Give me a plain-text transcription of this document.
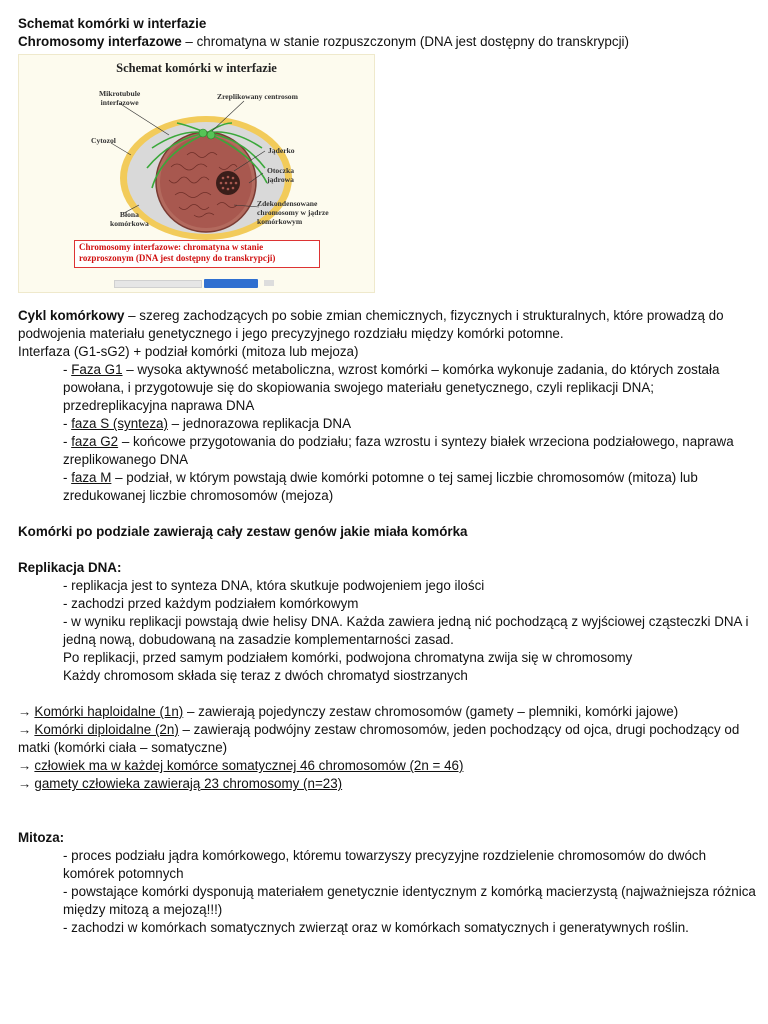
Schemat komórki w interfazie

Chromosomy interfazowe – chromatyna w stanie rozpuszczonym (DNA jest dostępny do transkrypcji)

Schemat komórki w interfazie
Mikrotubule
interfazowe
Zreplikowany centrosom
Cytozol
Jąderko
Otoczka
jądrowa
Zdekondensowane
chromosomy w jądrze
komórkowym
Błona
komórkowa
Chromosomy interfazowe: chromatyna w stanie rozproszonym (DNA jest dostępny do transkrypcji)

Cykl komórkowy – szereg zachodzących po sobie zmian chemicznych, fizycznych i strukturalnych, które prowadzą do podwojenia materiału genetycznego i jego precyzyjnego rozdziału między komórki potomne.

Interfaza (G1-sG2) + podział komórki (mitoza lub mejoza)

- Faza G1 – wysoka aktywność metaboliczna, wzrost komórki – komórka wykonuje zadania, do których została powołana, i przygotowuje się do skopiowania swojego materiału genetycznego, czyli replikacji DNA; przedreplikacyjna naprawa DNA

- faza S (synteza) – jednorazowa replikacja DNA

- faza G2 – końcowe przygotowania do podziału; faza wzrostu i syntezy białek wrzeciona podziałowego, naprawa zreplikowanego DNA

- faza M – podział, w którym powstają dwie komórki potomne o tej samej liczbie chromosomów (mitoza) lub zredukowanej liczbie chromosomów (mejoza)

Komórki po podziale zawierają cały zestaw genów jakie miała komórka

Replikacja DNA:

- replikacja jest to synteza DNA, która skutkuje podwojeniem jego ilości

- zachodzi przed każdym podziałem komórkowym

- w wyniku replikacji powstają dwie helisy DNA. Każda zawiera jedną nić pochodzącą z wyjściowej cząsteczki DNA i jedną nową, dobudowaną na zasadzie komplementarności zasad.

Po replikacji, przed samym podziałem komórki, podwojona chromatyna zwija się w chromosomy

Każdy chromosom składa się teraz z dwóch chromatyd siostrzanych

→ Komórki haploidalne (1n) – zawierają pojedynczy zestaw chromosomów (gamety – plemniki, komórki jajowe)

→ Komórki diploidalne (2n) – zawierają podwójny zestaw chromosomów, jeden pochodzący od ojca, drugi pochodzący od matki (komórki ciała – somatyczne)

→ człowiek ma w każdej komórce somatycznej 46 chromosomów (2n = 46)

→ gamety człowieka zawierają 23 chromosomy (n=23)

Mitoza:

- proces podziału jądra komórkowego, któremu towarzyszy precyzyjne rozdzielenie chromosomów do dwóch komórek potomnych

- powstające komórki dysponują materiałem genetycznie identycznym z komórką macierzystą (najważniejsza różnica między mitozą a mejozą!!!)

- zachodzi w komórkach somatycznych zwierząt oraz w komórkach somatycznych i generatywnych roślin.
